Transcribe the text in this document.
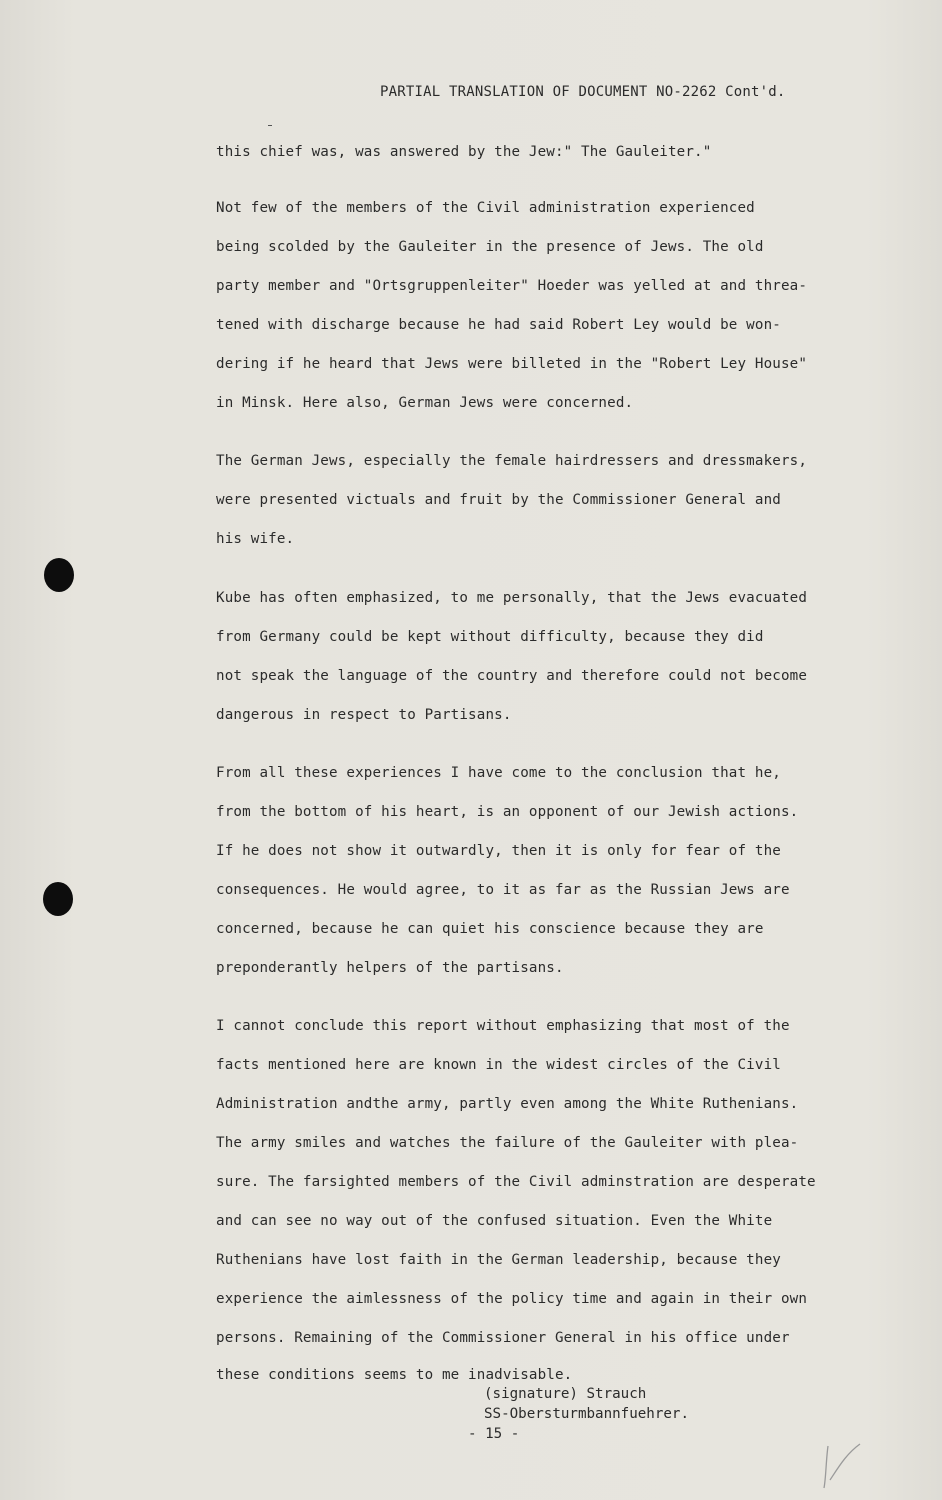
PARTIAL TRANSLATION OF DOCUMENT NO-2262 Cont'd.
this chief was, was answered by the Jew:" The Gauleiter."
Not few of the members of the Civil administration experienced
being scolded by the Gauleiter in the presence of Jews. The old
party member and "Ortsgruppenleiter" Hoeder was yelled at and threa-
tened with discharge because he had said Robert Ley would be won-
dering if he heard that Jews were billeted in the "Robert Ley House"
in Minsk. Here also, German Jews were concerned.
The German Jews, especially the female hairdressers and dressmakers,
were presented victuals and fruit by the Commissioner General and
his wife.
Kube has often emphasized, to me personally, that the Jews evacuated
from Germany could be kept without difficulty, because they did
not speak the language of the country and therefore could not become
dangerous in respect to Partisans.
From all these experiences I have come to the conclusion that he,
from the bottom of his heart, is an opponent of our Jewish actions.
If he does not show it outwardly, then it is only for fear of the
consequences. He would agree, to it as far as the Russian Jews are
concerned, because he can quiet his conscience because they are
preponderantly helpers of the partisans.
I cannot conclude this report without emphasizing that most of the
facts mentioned here are known in the widest circles of the Civil
Administration andthe army, partly even among the White Ruthenians.
The army smiles and watches the failure of the Gauleiter with plea-
sure. The farsighted members of the Civil adminstration are desperate
and can see no way out of the confused situation. Even the White
Ruthenians have lost faith in the German leadership, because they
experience the aimlessness of the policy time and again in their own
persons. Remaining of the Commissioner General in his office under
these conditions seems to me inadvisable.
(signature) Strauch
SS-Obersturmbannfuehrer.
- 15 -
